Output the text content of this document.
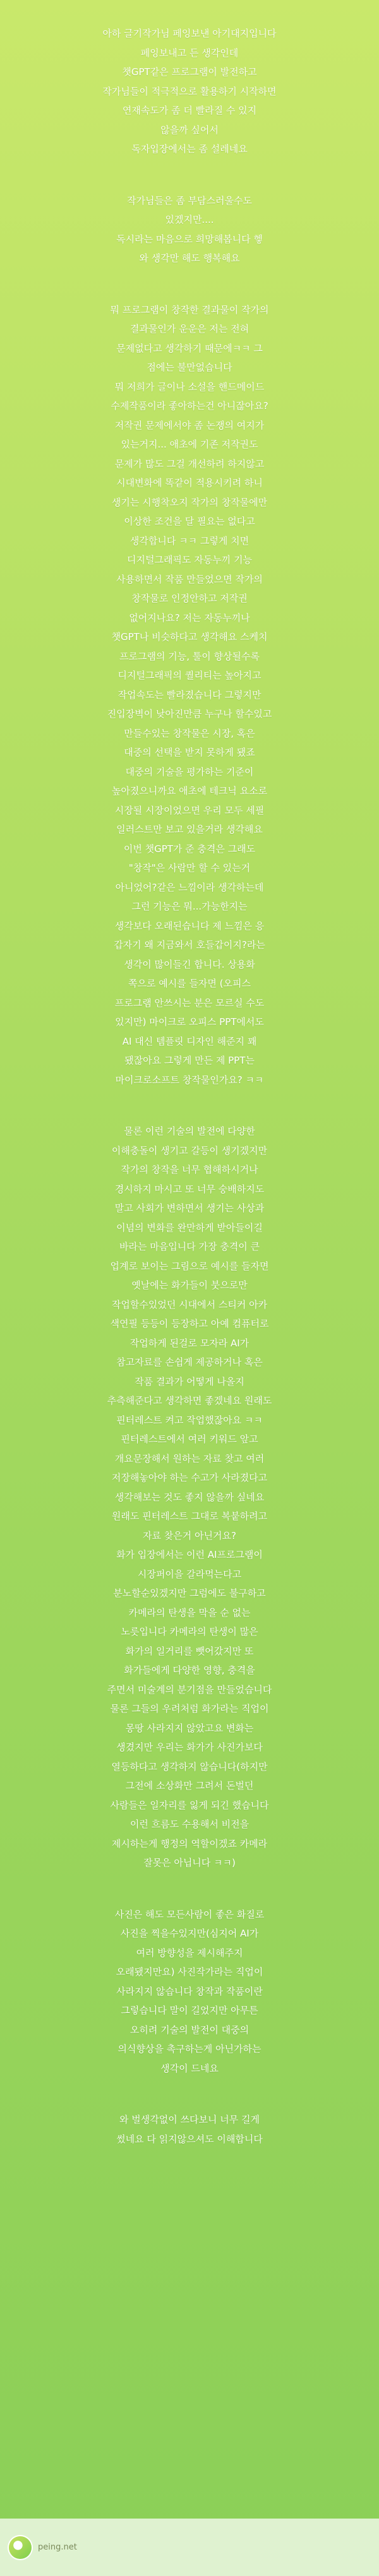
아하 글기작가님 페잉보낸 아기대지입니다
페잉보내고 든 생각인데
챗GPT같은 프로그램이 발전하고
작가님들이 적극적으로 활용하기 시작하면
연재속도가 좀 더 빨라질 수 있지
않을까 싶어서
독자입장에서는 좀 설레네요
작가님들은 좀 부담스러울수도
있겠지만....
독시라는 마음으로 희망해봅니다 헿
와 생각만 해도 행복해요
뭐 프로그램이 창작한 결과물이 작가의
결과물인가 운운은 저는 전혀
문제없다고 생각하기 때문에ㅋㅋ 그
점에는 불만없습니다
뭐 저희가 글이나 소설을 핸드메이드
수제작품이라 좋아하는건 아니잖아요?
저작권 문제에서야 좀 논쟁의 여지가
있는거지... 애초에 기존 저작권도
문제가 많도 그걸 개선하려 하지않고
시대변화에 똑같이 적용시키려 하니
생기는 시행착오지 작가의 창작물에만
이상한 조건을 달 필요는 없다고
생각합니다 ㅋㅋ 그렇게 치면
디지털그래픽도 자동누끼 기능
사용하면서 작품 만들었으면 작가의
창작물로 인정안하고 저작권
없어지나요? 저는 자동누끼나
챗GPT나 비슷하다고 생각해요 스케치
프로그램의 기능, 툴이 향상될수록
디지털그래픽의 퀄리티는 높아지고
작업속도는 빨라졌습니다 그렇지만
진입장벽이 낮아진만큼 누구나 할수있고
만들수있는 창작물은 시장, 혹은
대중의 선택을 받지 못하게 됐죠
대중의 기술을 평가하는 기준이
높아졌으니까요 애초에 테크닉 요소로
시장될 시장이었으면 우리 모두 세필
일러스트만 보고 있을거라 생각해요
이번 챗GPT가 준 충격은 그래도
"창작"은 사람만 할 수 있는거
아니었어?같은 느낌이라 생각하는데
그런 기능은 뭐...가능한지는
생각보다 오래된습니다 제 느낌은 응
갑자기 왜 지금와서 호들갑이지?라는
생각이 많이들긴 합니다. 상용화
쪽으로 예시를 들자면 (오피스
프로그램 안쓰시는 분은 모르실 수도
있지만) 마이크로 오피스 PPT에서도
AI 대신 템플릿 디자인 해준지 꽤
됐잖아요 그렇게 만든 제 PPT는
마이크로소프트 창작물인가요? ㅋㅋ
물론 이런 기술의 발전에 다양한
이해충돌이 생기고 갈등이 생기겠지만
작가의 창작을 너무 협해하시거나
경시하지 마시고 또 너무 숭배하지도
말고 사회가 변하면서 생기는 사상과
이념의 변화를 완만하게 받아들이길
바라는 마음입니다 가장 충격이 큰
업계로 보이는 그림으로 예시를 들자면
옛날에는 화가들이 붓으로만
작업할수있었던 시대에서 스티커 아카
색연필 등등이 등장하고 아예 컴퓨터로
작업하게 된걸로 모자라 AI가
참고자료를 손쉽게 제공하거나 혹은
작품 결과가 어떻게 나올지
추측해준다고 생각하면 좋겠네요 원래도
핀터레스트 켜고 작업했잖아요 ㅋㅋ
핀터레스트에서 여러 키워드 앞고
개요문장해서 원하는 자료 찾고 여러
저장해놓아야 하는 수고가 사라졌다고
생각해보는 것도 좋지 않을까 싶네요
원래도 핀터레스트 그대로 복붙하려고
자료 찾은거 아닌거요?
화가 입장에서는 이런 AI프로그램이
시장퍼이을 갈라먹는다고
분노할순있겠지만 그럼에도 불구하고
카메라의 탄생을 막을 순 없는
노릇입니다 카메라의 탄생이 많은
화가의 일거리를 뺏어갔지만 또
화가들에게 다양한 영향, 충격을
주면서 미술계의 분기점을 만들었습니다
물론 그들의 우려처럼 화가라는 직업이
몽땅 사라지지 않았고요 변화는
생겼지만 우리는 화가가 사진가보다
열등하다고 생각하지 않습니다(하지만
그전에 소상화만 그려서 돈벌던
사람들은 일자리를 잃게 되긴 했습니다
이런 흐름도 수용해서 비전을
제시하는게 행정의 역할이겠죠 카메라
잘못은 아닙니다 ㅋㅋ)
사진은 해도 모든사람이 좋은 화질로
사진을 찍을수있지만(심지어 AI가
여러 방향성을 제시해주지
오래됐지만요) 사진작가라는 직업이
사라지지 않습니다 창작과 작품이란
그렇습니다 말이 길었지만 아무튼
오히려 기술의 발전이 대중의
의식향상을 촉구하는게 아닌가하는
생각이 드네요
와 벌생각없이 쓰다보니 너무 길게
썼네요 다 읽지않으셔도 이해합니다
peing.net
